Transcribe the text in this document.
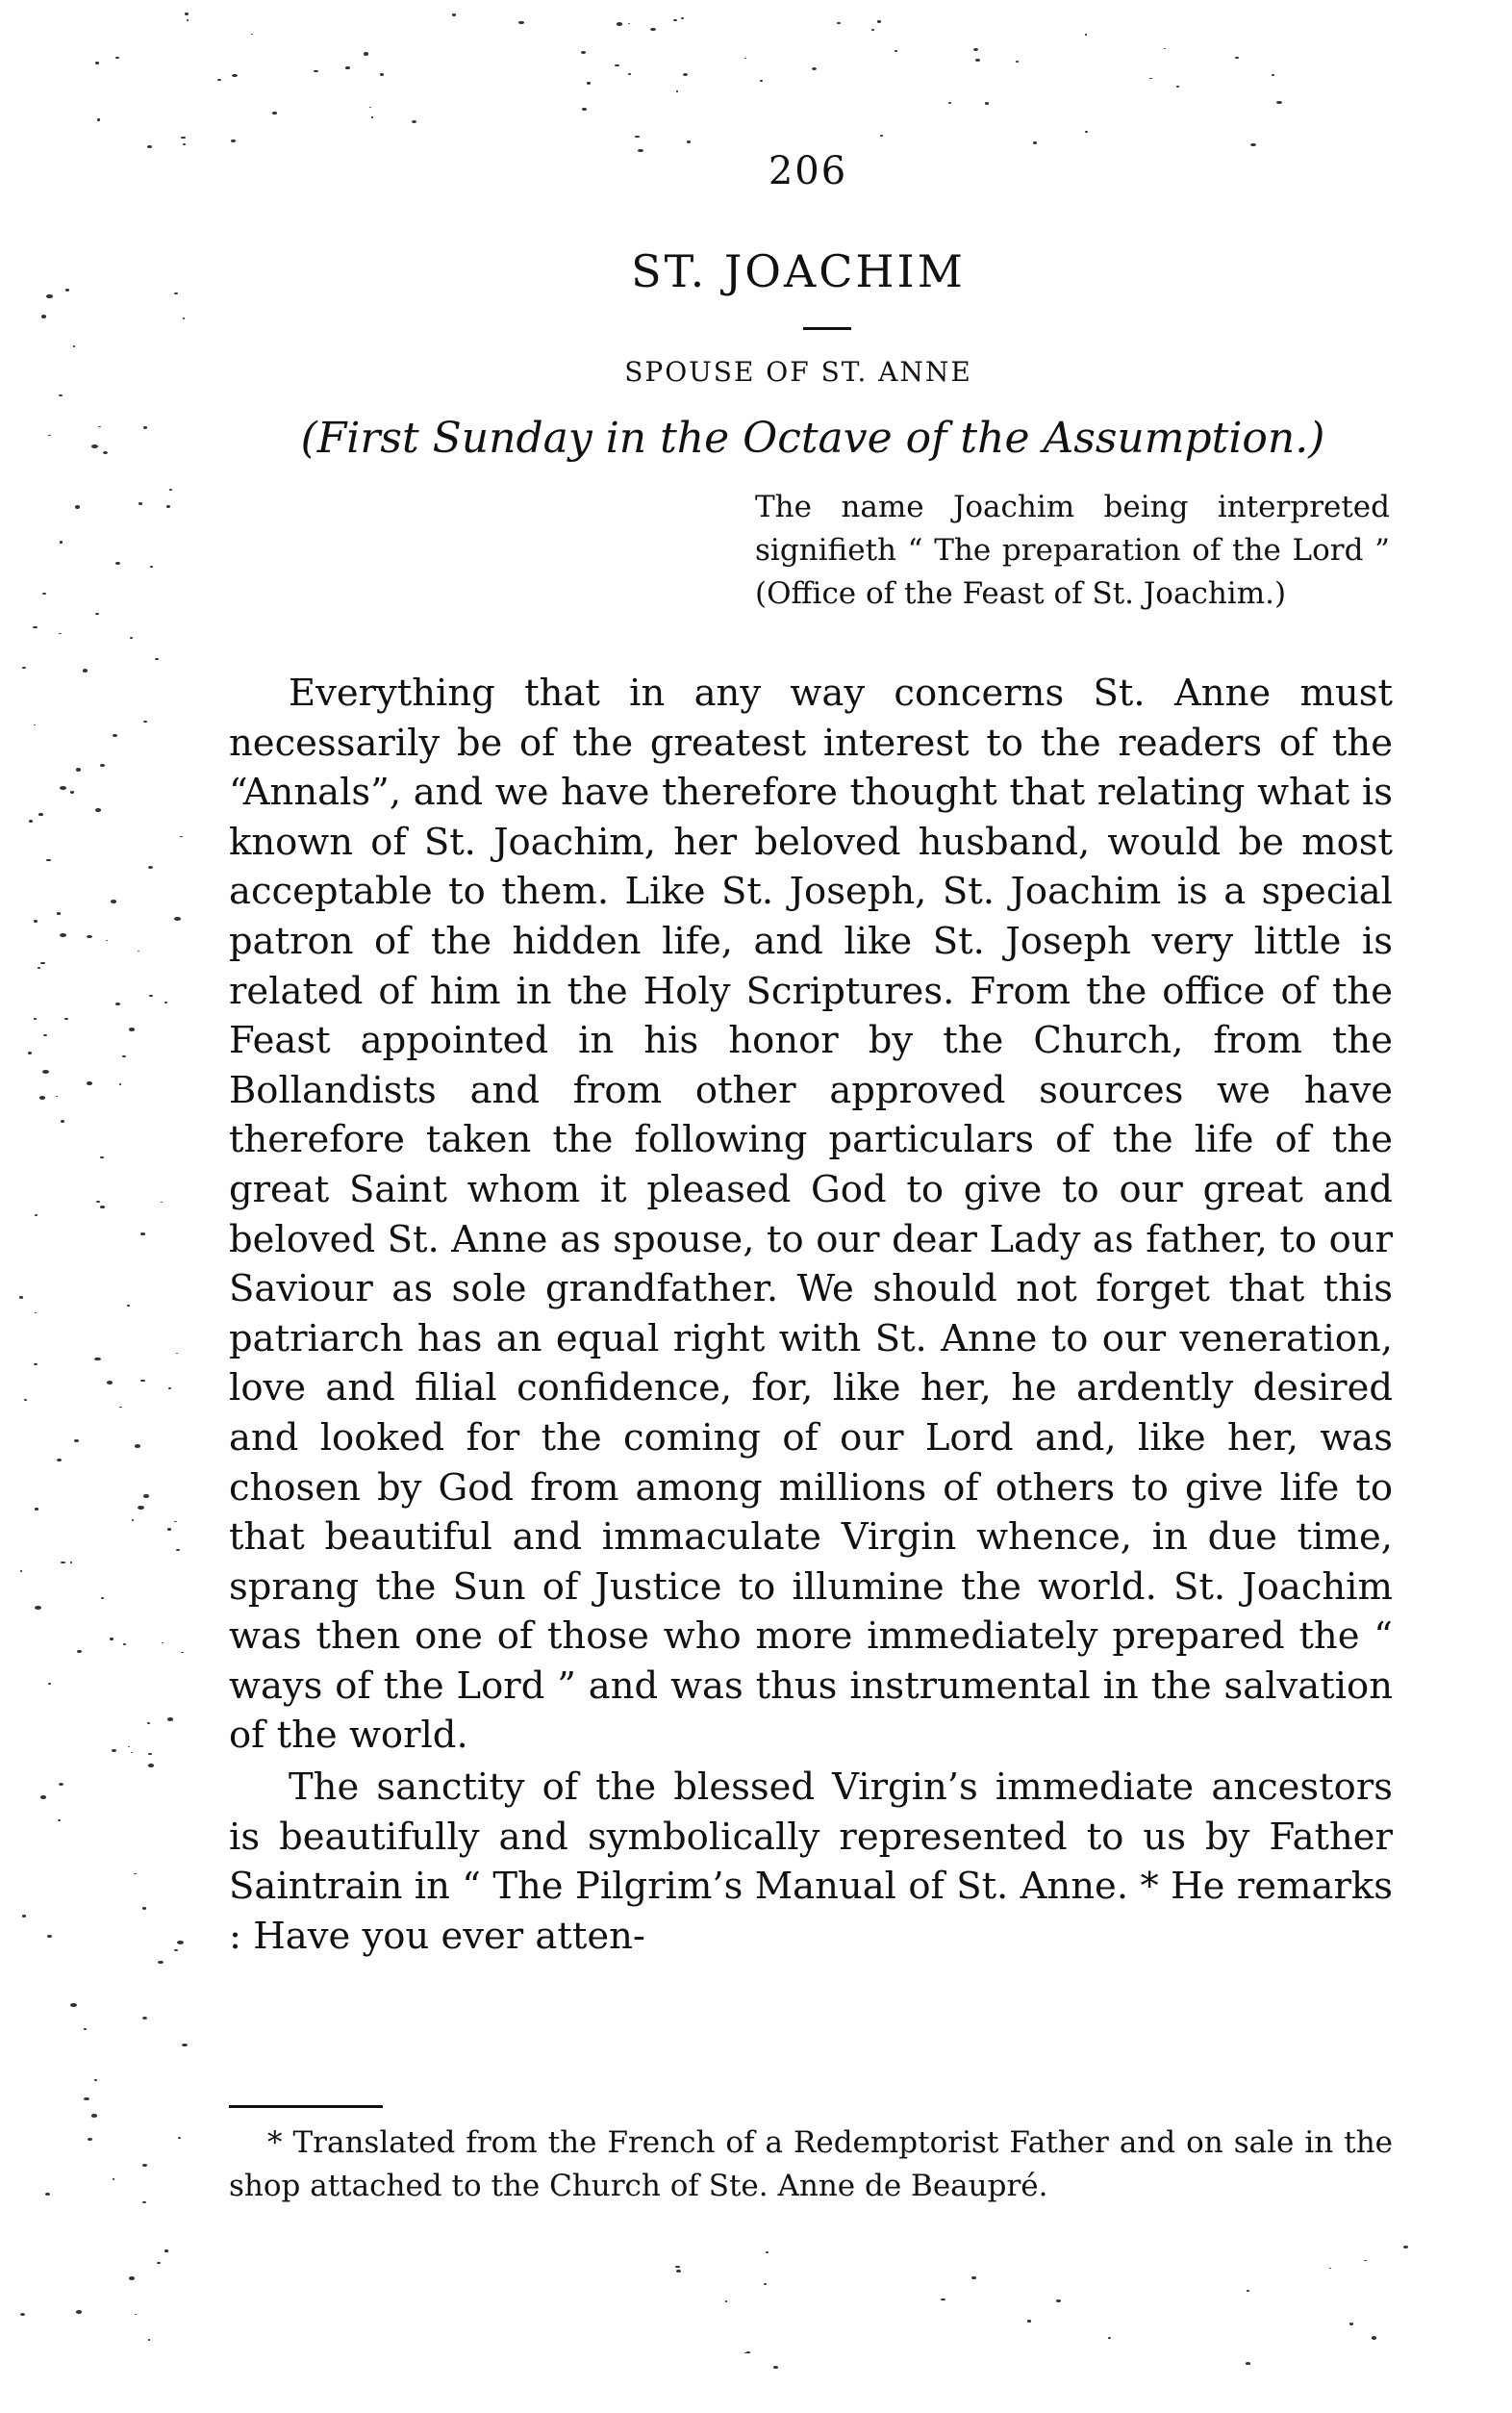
206
ST. JOACHIM
SPOUSE OF ST. ANNE
(First Sunday in the Octave of the Assumption.)
The name Joachim being interpreted signifieth “ The preparation of the Lord ” (Office of the Feast of St. Joachim.)

Everything that in any way concerns St. Anne must necessarily be of the greatest interest to the readers of the “Annals”, and we have therefore thought that relating what is known of St. Joachim, her beloved husband, would be most acceptable to them. Like St. Joseph, St. Joachim is a special patron of the hidden life, and like St. Joseph very little is related of him in the Holy Scriptures. From the office of the Feast appointed in his honor by the Church, from the Bollandists and from other approved sources we have therefore taken the following particulars of the life of the great Saint whom it pleased God to give to our great and beloved St. Anne as spouse, to our dear Lady as father, to our Saviour as sole grandfather. We should not forget that this patriarch has an equal right with St. Anne to our veneration, love and filial confidence, for, like her, he ardently desired and looked for the coming of our Lord and, like her, was chosen by God from among millions of others to give life to that beautiful and immaculate Virgin whence, in due time, sprang the Sun of Justice to illumine the world. St. Joachim was then one of those who more immediately prepared the “ ways of the Lord ” and was thus instrumental in the salvation of the world.

The sanctity of the blessed Virgin’s immediate ancestors is beautifully and symbolically represented to us by Father Saintrain in “ The Pilgrim’s Manual of St. Anne. * He remarks : Have you ever atten-

* Translated from the French of a Redemptorist Father and on sale in the shop attached to the Church of Ste. Anne de Beaupré.
